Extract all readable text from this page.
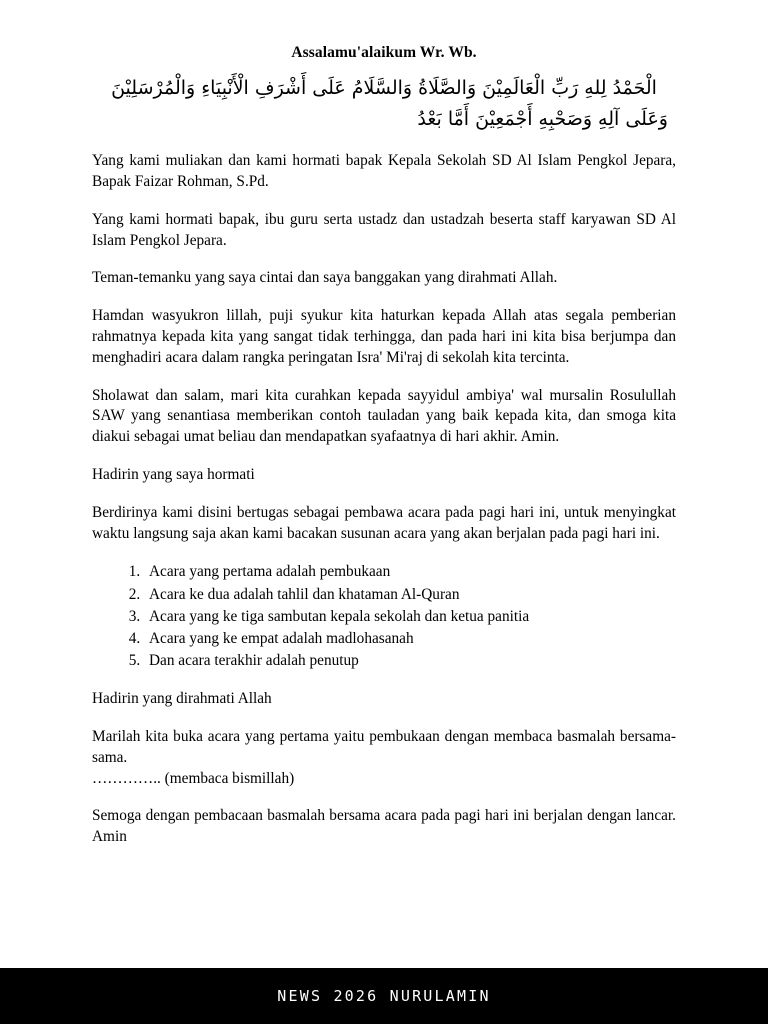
Assalamu'alaikum Wr. Wb.
الْحَمْدُ لِلهِ رَبِّ الْعَالَمِيْنَ وَالصَّلَاةُ وَالسَّلَامُ عَلَى أَشْرَفِ الْأَنْبِيَاءِ وَالْمُرْسَلِيْنَ
وَعَلَى آلِهِ وَصَحْبِهِ أَجْمَعِيْنَ أَمَّا بَعْدُ

Yang kami muliakan dan kami hormati bapak Kepala Sekolah SD Al Islam Pengkol Jepara, Bapak Faizar Rohman, S.Pd.

Yang kami hormati bapak, ibu guru serta ustadz dan ustadzah beserta staff karyawan SD Al Islam Pengkol Jepara.

Teman-temanku yang saya cintai dan saya banggakan yang dirahmati Allah.

Hamdan wasyukron lillah, puji syukur kita haturkan kepada Allah atas segala pemberian rahmatnya kepada kita yang sangat tidak terhingga, dan pada hari ini kita bisa berjumpa dan menghadiri acara dalam rangka peringatan Isra' Mi'raj di sekolah kita tercinta.

Sholawat dan salam, mari kita curahkan kepada sayyidul ambiya' wal mursalin Rosulullah SAW yang senantiasa memberikan contoh tauladan yang baik kepada kita, dan smoga kita diakui sebagai umat beliau dan mendapatkan syafaatnya di hari akhir. Amin.

Hadirin yang saya hormati

Berdirinya kami disini bertugas sebagai pembawa acara pada pagi hari ini, untuk menyingkat waktu langsung saja akan kami bacakan susunan acara yang akan berjalan pada pagi hari ini.

1. Acara yang pertama adalah pembukaan
2. Acara ke dua adalah tahlil dan khataman Al-Quran
3. Acara yang ke tiga sambutan kepala sekolah dan ketua panitia
4. Acara yang ke empat adalah madlohasanah
5. Dan acara terakhir adalah penutup

Hadirin yang dirahmati Allah

Marilah kita buka acara yang pertama yaitu pembukaan dengan membaca basmalah bersama-sama.

………….. (membaca bismillah)

Semoga dengan pembacaan basmalah bersama acara pada pagi hari ini berjalan dengan lancar. Amin

NEWS 2026 NURULAMIN
